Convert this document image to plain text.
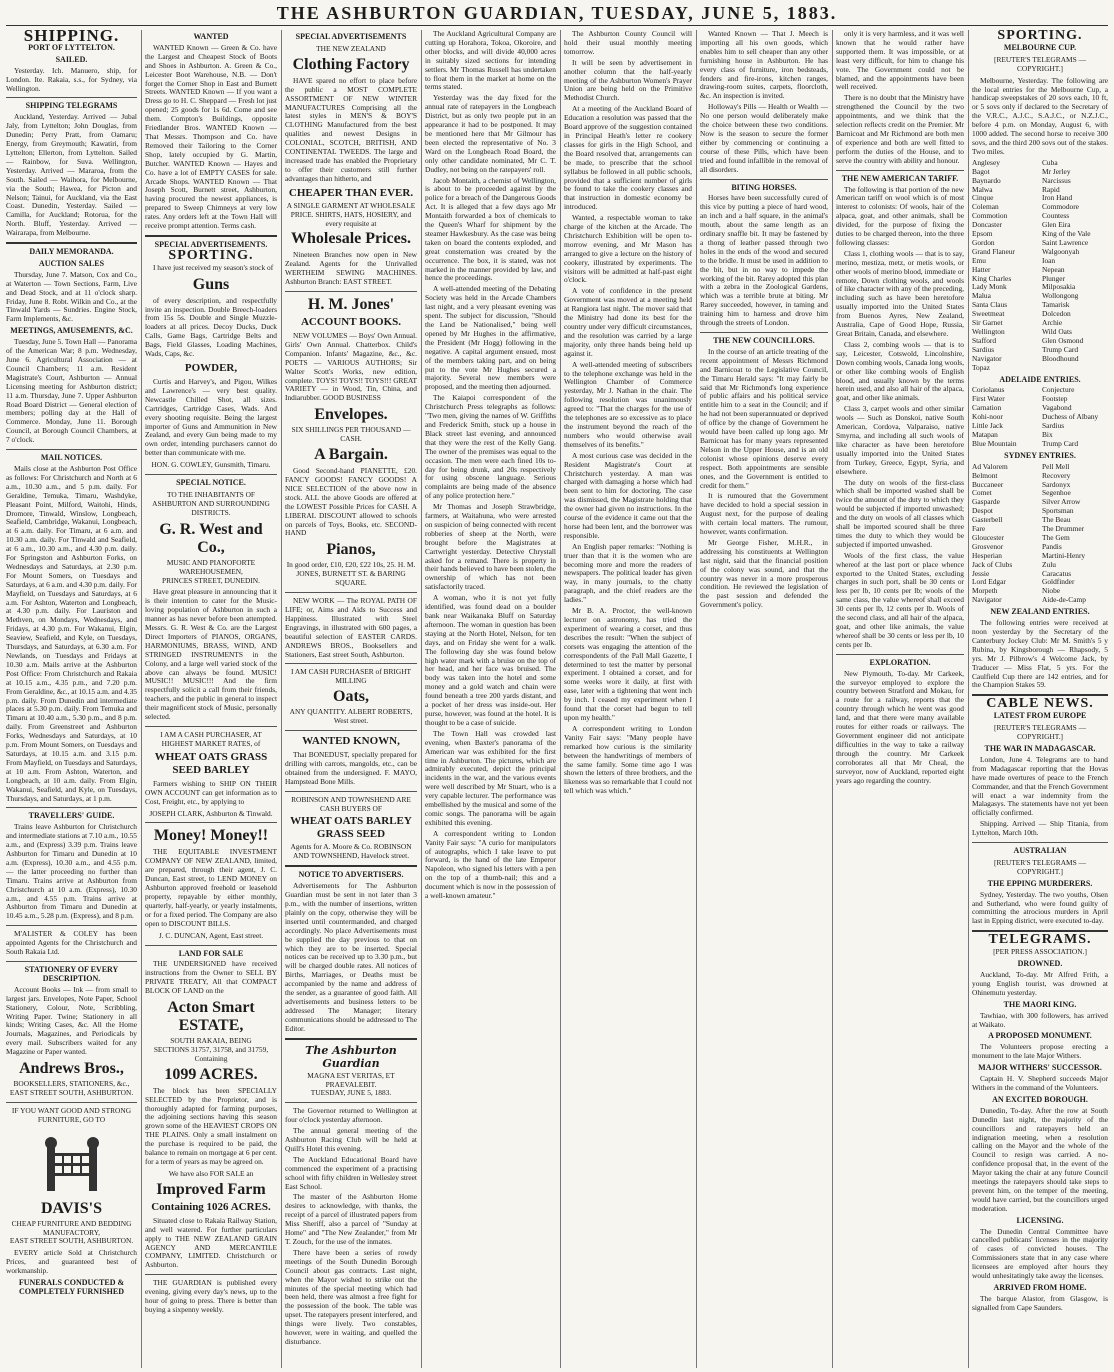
THE ASHBURTON GUARDIAN, TUESDAY, JUNE 5, 1883.
SHIPPING.
PORT OF LYTTELTON.
SAILED.
Yesterday. Ich. Manuero, ship, for London. Ite. Rakaia, s.s., for Sydney, via Wellington.
SHIPPING TELEGRAMS
Auckland, Yesterday. Arrived — Jubal Jaly, from Lyttelton; John Douglas, from Dunedin; Perry Pratt, from Oamaru; Energy, from Greymouth; Kawatiri, from Lyttelton; Ellerton, from Lyttelton. Sailed — Rainbow, for Suva. Wellington, Yesterday. Arrived — Mararoa, from the South. Sailed — Waihora, for Melbourne, via the South; Hawea, for Picton and Nelson; Tainui, for Auckland, via the East Coast. Dunedin, Yesterday. Sailed — Camilla, for Auckland; Rotorua, for the North. Bluff, Yesterday. Arrived — Wairarapa, from Melbourne.
DAILY MEMORANDA.
AUCTION SALES
Thursday, June 7. Matson, Cox and Co., at Waterton — Town Sections, Farm, Live and Dead Stock, and at 11 o'clock sharp. Friday, June 8. Robt. Wilkin and Co., at the Tinwald Yards — Sundries. Engine Stock, Farm Implements, &c.
MEETINGS, AMUSEMENTS, &C.
Tuesday, June 5. Town Hall — Panorama of the American War; 8 p.m. Wednesday, June 6. Agricultural Association — at Council Chambers; 11 a.m. Resident Magistrate's Court, Ashburton — Annual Licensing meeting for Ashburton district; 11 a.m. Thursday, June 7. Upper Ashburton Road Board District — General election of members; polling day at the Hall of Commerce. Monday, June 11. Borough Council, at Borough Council Chambers, at 7 o'clock.
MAIL NOTICES.
Mails close at the Ashburton Post Office as follows: For Christchurch and North at 6 a.m., 10.30 a.m., and 5 p.m. daily. For Geraldine, Temuka, Timaru, Washdyke, Pleasant Point, Milford, Waitohi, Hinds, Dromore, Tinwald, Winslow, Longbeach, Seafield, Cambridge, Wakanui, Longbeach, at 6 a.m. daily. For Timaru, at 6 a.m. and 10.30 a.m. daily. For Tinwald and Seafield, at 6 a.m., 10.30 a.m., and 4.30 p.m. daily. For Springston and Ashburton Forks, on Wednesdays and Saturdays, at 2.30 p.m. For Mount Somers, on Tuesdays and Saturdays, at 6 a.m. and 4.30 p.m. daily. For Mayfield, on Tuesdays and Saturdays, at 6 a.m. For Ashton, Waterton and Longbeach, at 4.30 p.m. daily. For Lauriston and Methven, on Mondays, Wednesdays, and Fridays, at 4.30 p.m. For Wakanui, Elgin, Seaview, Seafield, and Kyle, on Tuesdays, Thursdays, and Saturdays, at 6.30 a.m. For Newlands, on Tuesdays and Fridays at 10.30 a.m. Mails arrive at the Ashburton Post Office: From Christchurch and Rakaia at 10.15 a.m., 4.35 p.m., and 7.20 p.m. From Geraldine, &c., at 10.15 a.m. and 4.35 p.m. daily. From Dunedin and intermediate places at 5.30 p.m. daily. From Temuka and Timaru at 10.40 a.m., 5.30 p.m., and 8 p.m. daily. From Greenstreet and Ashburton Forks, Wednesdays and Saturdays, at 10 p.m. From Mount Somers, on Tuesdays and Saturdays, at 10.15 a.m. and 3.15 p.m. From Mayfield, on Tuesdays and Saturdays, at 10 a.m. From Ashton, Waterton, and Longbeach, at 10 a.m. daily. From Elgin, Wakanui, Seafield, and Kyle, on Tuesdays, Thursdays, and Saturdays, at 1 p.m.
TRAVELLERS' GUIDE.
Trains leave Ashburton for Christchurch and intermediate stations at 7.10 a.m., 10.55 a.m., and (Express) 3.39 p.m. Trains leave Ashburton for Timaru and Dunedin at 10 a.m. (Express), 10.30 a.m., and 4.55 p.m. — the latter proceeding no further than Timaru. Trains arrive at Ashburton from Christchurch at 10 a.m. (Express), 10.30 a.m., and 4.55 p.m. Trains arrive at Ashburton from Timaru and Dunedin at 10.45 a.m., 5.28 p.m. (Express), and 8 p.m.
M'ALISTER & COLEY has been appointed Agents for the Christchurch and South Rakaia Ltd.
STATIONERY OF EVERY DESCRIPTION.
Account Books — Ink — from small to largest jars. Envelopes, Note Paper, School Stationery, Colour, Note, Scribbling, Writing Paper. Twine; Stationery in all kinds; Writing Cases, &c. All the Home Journals, Magazines, and Periodicals by every mail. Subscribers waited for any Magazine or Paper wanted.
Andrews Bros.,
BOOKSELLERS, STATIONERS, &c., EAST STREET SOUTH, ASHBURTON.
IF YOU WANT GOOD AND STRONG FURNITURE, GO TO
DAVIS'S
CHEAP FURNITURE AND BEDDING MANUFACTORY,
EAST STREET SOUTH, ASHBURTON.
EVERY article Sold at Christchurch Prices, and guaranteed best of workmanship.
FUNERALS CONDUCTED & COMPLETELY FURNISHED
WANTED
WANTED Known — Green & Co. have the Largest and Cheapest Stock of Boots and Shoes in Ashburton. A. Green & Co., Leicester Boot Warehouse, N.B. — Don't forget the Corner Shop in East and Burnett Streets. WANTED Known — If you want a Dress go to H. C. Sheppard — Fresh lot just opened; 25 goods for 1s 6d. Come and see them. Compton's Buildings, opposite Friedlander Bros. WANTED Known — That Messrs. Thompson and Co. have Removed their Tailoring to the Corner Shop, lately occupied by G. Martin, Butcher. WANTED Known — Hayes and Co. have a lot of EMPTY CASES for sale. Arcade Shops. WANTED Known — That Joseph Scott, Burnett street, Ashburton, having procured the newest appliances, is prepared to Sweep Chimneys at very low rates. Any orders left at the Town Hall will receive prompt attention. Terms cash.
SPECIAL ADVERTISEMENTS.
SPORTING.
I have just received my season's stock of
Guns
of every description, and respectfully invite an inspection. Double Breech-loaders from 15s 5s. Double and Single Muzzle-loaders at all prices. Decoy Ducks, Duck Calls, Game Bags, Cartridge Belts and Bags, Field Glasses, Loading Machines, Wads, Caps, &c.
POWDER,
Curtis and Harvey's, and Pigou, Wilkes and Lawrence's — very best quality. Newcastle Chilled Shot, all sizes. Cartridges, Cartridge Cases, Wads. And every shooting requisite. Being the largest importer of Guns and Ammunition in New Zealand, and every Gun being made to my own order, intending purchasers cannot do better than communicate with me.
HON. G. COWLEY, Gunsmith, Timaru.
SPECIAL NOTICE.
TO THE INHABITANTS OF ASHBURTON AND SURROUNDING DISTRICTS.
G. R. West and Co.,
MUSIC AND PIANOFORTE WAREHOUSEMEN,
PRINCES STREET, DUNEDIN.
Have great pleasure in announcing that it is their intention to cater for the Music-loving population of Ashburton in such a manner as has never before been attempted. Messrs. G. R. West & Co. are the Largest Direct Importers of PIANOS, ORGANS, HARMONIUMS, BRASS, WIND, AND STRINGED INSTRUMENTS in the Colony, and a large well varied stock of the above can always be found. MUSIC! MUSIC!! MUSIC!!! And the firm respectfully solicit a call from their friends, teachers, and the public in general to inspect their magnificent stock of Music, personally selected.
I AM A CASH PURCHASER, AT HIGHEST MARKET RATES, of
WHEAT OATS GRASS SEED BARLEY
Farmers wishing to SHIP ON THEIR OWN ACCOUNT can get information as to Cost, Freight, etc., by applying to
JOSEPH CLARK, Ashburton & Tinwald.
Money! Money!!
THE EQUITABLE INVESTMENT COMPANY OF NEW ZEALAND, limited, are prepared, through their agent, J. C. Duncan, East street, to LEND MONEY on Ashburton approved freehold or leasehold property, repayable by either monthly, quarterly, half-yearly, or yearly instalments, or for a fixed period. The Company are also open to DISCOUNT BILLS.
J. C. DUNCAN, Agent, East street.
LAND FOR SALE
THE UNDERSIGNED have received instructions from the Owner to SELL BY PRIVATE TREATY, All that COMPACT BLOCK OF LAND on the
Acton Smart ESTATE,
SOUTH RAKAIA, BEING
SECTIONS 31757, 31758, and 31759, Containing
1099 ACRES.
The block has been SPECIALLY SELECTED by the Proprietor, and is thoroughly adapted for farming purposes, the adjoining sections having this season grown some of the HEAVIEST CROPS ON THE PLAINS. Only a small instalment on the purchase is required to be paid, the balance to remain on mortgage at 6 per cent. for a term of years as may be agreed on.
We have also FOR SALE an
Improved Farm
Containing 1026 ACRES.
Situated close to Rakaia Railway Station, and well watered. For further particulars apply to THE NEW ZEALAND GRAIN AGENCY AND MERCANTILE COMPANY, LIMITED. Christchurch or Ashburton.
THE GUARDIAN is published every evening, giving every day's news, up to the hour of going to press. There is better than buying a sixpenny weekly.
SPECIAL ADVERTISEMENTS
THE NEW ZEALAND
Clothing Factory
HAVE spared no effort to place before the public a MOST COMPLETE ASSORTMENT OF NEW WINTER MANUFACTURES Comprising all the latest styles in MEN'S & BOY'S CLOTHING Manufactured from the best qualities and newest Designs in COLONIAL, SCOTCH, BRITISH, AND CONTINENTAL TWEEDS. The large and increased trade has enabled the Proprietary to offer their customers still further advantages than hitherto, and
CHEAPER THAN EVER.
A SINGLE GARMENT AT WHOLESALE PRICE. SHIRTS, HATS, HOSIERY, and every requisite at
Wholesale Prices.
Nineteen Branches now open in New Zealand. Agents for the Unrivalled WERTHEIM SEWING MACHINES. Ashburton Branch: EAST STREET.
H. M. Jones'
ACCOUNT BOOKS.
NEW VOLUMES — Boys' Own Annual. Girls' Own Annual. Chatterbox. Child's Companion. Infants' Magazine, &c., &c. POETS — VARIOUS AUTHORS; Sir Walter Scott's Works, new edition, complete. TOYS! TOYS!! TOYS!!! GREAT VARIETY — in Wood, Tin, China, and Indiarubber. GOOD BUSINESS
Envelopes.
SIX SHILLINGS PER THOUSAND — CASH.
A Bargain.
Good Second-hand PIANETTE, £20. FANCY GOODS! FANCY GOODS! A NICE SELECTION of the above now in stock. ALL the above Goods are offered at the LOWEST Possible Prices for CASH. A LIBERAL DISCOUNT allowed to schools on parcels of Toys, Books, etc. SECOND-HAND
Pianos,
In good order, £10, £20, £22 10s, 25. H. M. JONES, BURNETT ST. & BARING SQUARE.
NEW WORK — The ROYAL PATH OF LIFE; or, Aims and Aids to Success and Happiness. Illustrated with Steel Engravings, in illustrated with 600 pages, a beautiful selection of EASTER CARDS. ANDREWS BROS., Booksellers and Stationers, East street South, Ashburton.
I AM CASH PURCHASER of BRIGHT MILLING
Oats,
ANY QUANTITY. ALBERT ROBERTS, West street.
WANTED KNOWN,
That BONEDUST, specially prepared for drilling with carrots, mangolds, etc., can be obtained from the undersigned. F. MAYO, Hampstead Bone Mills.
ROBINSON AND TOWNSHEND ARE CASH BUYERS OF
WHEAT OATS BARLEY GRASS SEED
Agents for A. Moore & Co. ROBINSON AND TOWNSHEND, Havelock street.
NOTICE TO ADVERTISERS.
Advertisements for The Ashburton Guardian must be sent in not later than 3 p.m., with the number of insertions, written plainly on the copy, otherwise they will be inserted until countermanded, and charged accordingly. No place Advertisements must be supplied the day previous to that on which they are to be inserted. Special notices can be received up to 3.30 p.m., but will be charged double rates. All notices of Births, Marriages, or Deaths must be accompanied by the name and address of the sender, as a guarantee of good faith. All advertisements and business letters to be addressed The Manager; literary communications should be addressed to The Editor.
The Ashburton Guardian
MAGNA EST VERITAS, ET PRAEVALEBIT.
TUESDAY, JUNE 5, 1883.
The Governor returned to Wellington at four o'clock yesterday afternoon.
The annual general meeting of the Ashburton Racing Club will be held at Quill's Hotel this evening.
The Auckland Educational Board have commenced the experiment of a practising school with fifty children in Wellesley street East School.
The master of the Ashburton Home desires to acknowledge, with thanks, the receipt of a parcel of illustrated papers from Miss Sheriff, also a parcel of "Sunday at Home" and "The New Zealander," from Mr T. Zouch, for the use of the inmates.
There have been a series of rowdy meetings of the South Dunedin Borough Council about gas contracts. Last night, when the Mayor wished to strike out the minutes of the special meeting which had been held, there was almost a free fight for the possession of the book. The table was upset. The ratepayers present interfered, and things were lively. Two constables, however, were in waiting, and quelled the disturbance.
The Auckland Agricultural Company are cutting up Horahora, Tokoa, Okoroire, and other blocks, and will divide 40,000 acres in suitably sized sections for intending settlers. Mr Thomas Russell has undertaken to float them in the market at home on the terms stated.
Yesterday was the day fixed for the annual rate of ratepayers in the Longbeach District, but as only two people put in an appearance it had to be postponed. It may be mentioned here that Mr Gilmour has been elected the representative of No. 3 Ward on the Longbeach Road Board, the only other candidate nominated, Mr C. T. Dudley, not being on the ratepayers' roll.
Jacob Montaith, a chemist of Wellington, is about to be proceeded against by the police for a breach of the Dangerous Goods Act. It is alleged that a few days ago Mr Montaith forwarded a box of chemicals to the Queen's Wharf for shipment by the steamer Hawkesbury. As the case was being taken on board the contents exploded, and great consternation was created by the occurrence. The box, it is stated, was not marked in the manner provided by law, and hence the proceedings.
A well-attended meeting of the Debating Society was held in the Arcade Chambers last night, and a very pleasant evening was spent. The subject for discussion, "Should the Land be Nationalised," being well opened by Mr Hughes in the affirmative, the President (Mr Hogg) following in the negative. A capital argument ensued, most of the members taking part, and on being put to the vote Mr Hughes secured a majority. Several new members were proposed, and the meeting then adjourned.
The Kaiapoi correspondent of the Christchurch Press telegraphs as follows: "Two men, giving the names of W. Griffiths and Frederick Smith, stuck up a house in Black street last evening, and announced that they were the rest of the Kelly Gang. The owner of the premises was equal to the occasion. The men were each fined 10s to-day for being drunk, and 20s respectively for using obscene language. Serious complaints are being made of the absence of any police protection here."
Mr Thomas and Joseph Strawbridge, farmers, at Waitahuna, who were arrested on suspicion of being connected with recent robberies of sheep at the North, were brought before the Magistrates at Cartwright yesterday. Detective Chrystall asked for a remand. There is property in their hands believed to have been stolen, the ownership of which has not been satisfactorily traced.
A woman, who it is not yet fully identified, was found dead on a boulder bank near Waikanaka Bluff on Saturday afternoon. The woman in question has been staying at the North Hotel, Nelson, for ten days, and on Friday she went for a walk. The following day she was found below high water mark with a bruise on the top of her head, and her face was bruised. The body was taken into the hotel and some money and a gold watch and chain were found beneath a tree 200 yards distant, and a pocket of her dress was inside-out. Her purse, however, was found at the hotel. It is thought to be a case of suicide.
The Town Hall was crowded last evening, when Baxter's panorama of the American war was exhibited for the first time in Ashburton. The pictures, which are admirably executed, depict the principal incidents in the war, and the various events were well described by Mr Stuart, who is a very capable lecturer. The performance was embellished by the musical and some of the comic songs. The panorama will be again exhibited this evening.
A correspondent writing to London Vanity Fair says: "A curio for manipulators of autographs, which I take leave to put forward, is the hand of the late Emperor Napoleon, who signed his letters with a pen on the top of a thumb-nail; this and a document which is now in the possession of a well-known amateur."
The Ashburton County Council will hold their usual monthly meeting tomorrow.
It will be seen by advertisement in another column that the half-yearly meeting of the Ashburton Women's Prayer Union are being held on the Primitive Methodist Church.
At a meeting of the Auckland Board of Education a resolution was passed that the Board approve of the suggestion contained in Principal Heath's letter re cookery classes for girls in the High School, and the Board resolved that, arrangements can be made, to prescribe that the school syllabus be followed in all public schools, provided that a sufficient number of girls be found to take the cookery classes and that instruction in domestic economy be introduced.
Wanted, a respectable woman to take charge of the kitchen at the Arcade. The Christchurch Exhibition will be open to-morrow evening, and Mr Mason has arranged to give a lecture on the history of cookery, illustrated by experiments. The visitors will be admitted at half-past eight o'clock.
A vote of confidence in the present Government was moved at a meeting held at Rangiora last night. The mover said that the Ministry had done its best for the country under very difficult circumstances, and the resolution was carried by a large majority, only three hands being held up against it.
A well-attended meeting of subscribers to the telephone exchange was held in the Wellington Chamber of Commerce yesterday, Mr J. Nathan in the chair. The following resolution was unanimously agreed to: "That the charges for the use of the telephones are so excessive as to place the instrument beyond the reach of the numbers who would otherwise avail themselves of its benefits."
A most curious case was decided in the Resident Magistrate's Court at Christchurch yesterday. A man was charged with damaging a horse which had been sent to him for doctoring. The case was dismissed, the Magistrate holding that the owner had given no instructions. In the course of the evidence it came out that the horse had been lent, and the borrower was responsible.
An English paper remarks: "Nothing is truer than that it is the women who are becoming more and more the readers of newspapers. The political leader has given way, in many journals, to the chatty paragraph, and the chief readers are the ladies."
Mr B. A. Proctor, the well-known lecturer on astronomy, has tried the experiment of wearing a corset, and thus describes the result: "When the subject of corsets was engaging the attention of the correspondents of the Pall Mall Gazette, I determined to test the matter by personal experiment. I obtained a corset, and for some weeks wore it daily, at first with ease, later with a tightening that went inch by inch. I ceased my experiment when I found that the corset had begun to tell upon my health."
A correspondent writing to London Vanity Fair says: "Many people have remarked how curious is the similarity between the handwritings of members of the same family. Some time ago I was shown the letters of three brothers, and the likeness was so remarkable that I could not tell which was which."
Wanted Known — That J. Meech is importing all his own goods, which enables him to sell cheaper than any other furnishing house in Ashburton. He has every class of furniture, iron bedsteads, fenders and fire-irons, kitchen ranges, drawing-room suites, carpets, floorcloth, &c. An inspection is invited.
Holloway's Pills — Health or Wealth — No one person would deliberately make the choice between these two conditions. Now is the season to secure the former either by commencing or continuing a course of these Pills, which have been tried and found infallible in the removal of all disorders.
BITING HORSES.
Horses have been successfully cured of this vice by putting a piece of hard wood, an inch and a half square, in the animal's mouth, about the same length as an ordinary snaffle bit. It may be fastened by a thong of leather passed through two holes in the ends of the wood and secured to the bridle. It must be used in addition to the bit, but in no way to impede the working of the bit. Rarey adopted this plan with a zebra in the Zoological Gardens, which was a terrible brute at biting. Mr Rarey succeeded, however, in taming and training him to harness and drove him through the streets of London.
THE NEW COUNCILLORS.
In the course of an article treating of the recent appointment of Messrs Richmond and Barnicoat to the Legislative Council, the Timaru Herald says: "It may fairly be said that Mr Richmond's long experience of public affairs and his political service entitle him to a seat in the Council; and if he had not been superannuated or deprived of office by the change of Government he would have been called up long ago. Mr Barnicoat has for many years represented Nelson in the Upper House, and is an old colonist whose opinions deserve every respect. Both appointments are sensible ones, and the Government is entitled to credit for them."
It is rumoured that the Government have decided to hold a special session in August next, for the purpose of dealing with certain local matters. The rumour, however, wants confirmation.
Mr George Fisher, M.H.R., in addressing his constituents at Wellington last night, said that the financial position of the colony was sound, and that the country was never in a more prosperous condition. He reviewed the legislation of the past session and defended the Government's policy.
only it is very harmless, and it was well known that he would rather have supported them. It was impossible, or at least very difficult, for him to change his vote. The Government could not be blamed, and the appointments have been well received.
There is no doubt that the Ministry have strengthened the Council by the two appointments, and we think that the selection reflects credit on the Premier. Mr Barnicoat and Mr Richmond are both men of experience and both are well fitted to perform the duties of the House, and to serve the country with ability and honour.
THE NEW AMERICAN TARIFF.
The following is that portion of the new American tariff on wool which is of most interest to colonists: Of wools, hair of the alpaca, goat, and other animals, shall be divided, for the purpose of fixing the duties to be charged thereon, into the three following classes:
Class 1, clothing wools — that is to say, merino, mestiza, metz, or metis wools, or other wools of merino blood, immediate or remote, Down clothing wools, and wools of like character with any of the preceding, including such as have been heretofore usually imported into the United States from Buenos Ayres, New Zealand, Australia, Cape of Good Hope, Russia, Great Britain, Canada, and elsewhere.
Class 2, combing wools — that is to say, Leicester, Cotswold, Lincolnshire, Down combing wools, Canada long wools, or other like combing wools of English blood, and usually known by the terms herein used, and also all hair of the alpaca, goat, and other like animals.
Class 3, carpet wools and other similar wools — Such as Donskoi, native South American, Cordova, Valparaiso, native Smyrna, and including all such wools of like character as have been heretofore usually imported into the United States from Turkey, Greece, Egypt, Syria, and elsewhere.
The duty on wools of the first-class which shall be imported washed shall be twice the amount of the duty to which they would be subjected if imported unwashed; and the duty on wools of all classes which shall be imported scoured shall be three times the duty to which they would be subjected if imported unwashed.
Wools of the first class, the value whereof at the last port or place whence exported to the United States, excluding charges in such port, shall be 30 cents or less per lb, 10 cents per lb; wools of the same class, the value whereof shall exceed 30 cents per lb, 12 cents per lb. Wools of the second class, and all hair of the alpaca, goat, and other like animals, the value whereof shall be 30 cents or less per lb, 10 cents per lb.
EXPLORATION.
New Plymouth, To-day. Mr Carkeek, the surveyor employed to explore the country between Stratford and Mokau, for a route for a railway, reports that the country through which he went was good land, and that there were many available routes for either roads or railways. The Government engineer did not anticipate difficulties in the way to take a railway through the country. Mr Carkeek corroborates all that Mr Cheal, the surveyor, now of Auckland, reported eight years ago regarding the country.
SPORTING.
MELBOURNE CUP.
[REUTER'S TELEGRAMS — COPYRIGHT.]
Melbourne, Yesterday. The following are the local entries for the Melbourne Cup, a handicap sweepstakes of 20 sovs each, 10 ft, or 5 sovs only if declared to the Secretary of the V.R.C., A.J.C., S.A.J.C., or N.Z.J.C., before 4 p.m. on Monday, August 6, with 1000 added. The second horse to receive 300 sovs, and the third 200 sovs out of the stakes. Two miles.
Anglesey
Bagot
Baynardo
Malwa
Cinque
Coleman
Commotion
Doncaster
Epsom
Gordon
Grand Flaneur
Emu
Hatter
King Charles
Lady Monk
Malua
Santa Claus
Sweetmeat
Sir Garnet
Wellington
Stafford
Sardius
Navigator
Topaz
Cuba
Mr Jerley
Narcissus
Rapid
Iron Hand
Commodore
Countess
Glen Eira
King of the Vale
Saint Lawrence
Walgoonyah
Ioan
Nepean
Plunger
Milposakia
Wollongong
Tamarisk
Dolcedon
Archie
Wild Oats
Glen Osmond
Trump Card
Bloodhound
ADELAIDE ENTRIES.
Coriolanus
First Water
Carnation
Kohi-noor
Little Jack
Matapan
Blue Mountain
Conjecture
Footstep
Vagabond
Duchess of Albany
Sardius
Bix
Trump Card
SYDNEY ENTRIES.
Ad Valorem
Belmont
Buccaneer
Comet
Gasparde
Despot
Gasterbell
Fare
Gloucester
Grosvenor
Hesperian
Jack of Clubs
Jessie
Lord Edgar
Morpeth
Navigator
Pell Mell
Recovery
Sardonyx
Segenhoe
Silver Arrow
Sportsman
The Beau
The Drummer
The Gem
Pandis
Martini-Henry
Zulu
Caracatus
Goldfinder
Niobe
Aide-de-Camp
NEW ZEALAND ENTRIES.
The following entries were received at noon yesterday by the Secretary of the Canterbury Jockey Club: Mr M. Smith's 5 y Rubina, by Kingsborough — Rhapsody, 5 yrs. Mr J. Pilbrow's 4 Welcome Jack, by Traducer — Miss Flat, 5 yrs. For the Caulfield Cup there are 142 entries, and for the Champion Stakes 59.
CABLE NEWS.
LATEST FROM EUROPE
[REUTER'S TELEGRAMS — COPYRIGHT.]
THE WAR IN MADAGASCAR.
London, June 4. Telegrams are to hand from Madagascar reporting that the Hovas have made overtures of peace to the French Commander, and that the French Government will enact a war indemnity from the Malagasys. The statements have not yet been officially confirmed.
Shipping. Arrived — Ship Titania, from Lyttelton, March 10th.
AUSTRALIAN
[REUTER'S TELEGRAMS — COPYRIGHT.]
THE EPPING MURDERERS.
Sydney, Yesterday. The two youths, Olsen and Sutherland, who were found guilty of committing the atrocious murders in April last in Epping district, were executed to-day.
TELEGRAMS.
[PER PRESS ASSOCIATION.]
DROWNED.
Auckland, To-day. Mr Alfred Frith, a young English tourist, was drowned at Ohinemutu yesterday.
THE MAORI KING.
Tawhiao, with 300 followers, has arrived at Waikato.
A PROPOSED MONUMENT.
The Volunteers propose erecting a monument to the late Major Withers.
MAJOR WITHERS' SUCCESSOR.
Captain H. V. Shepherd succeeds Major Withers in the command of the Volunteers.
AN EXCITED BOROUGH.
Dunedin, To-day. After the row at South Dunedin last night, the majority of the councillors and ratepayers held an indignation meeting, when a resolution calling on the Mayor and the whole of the Council to resign was carried. A no-confidence proposal that, in the event of the Mayor taking the chair at any future Council meetings the ratepayers should take steps to prevent him, on the temper of the meeting, would have carried, but the councillors urged moderation.
LICENSING.
The Dunedin Central Committee have cancelled publicans' licenses in the majority of cases of convicted houses. The Commissioners state that in any case where licensees are employed after hours they would unhesitatingly take away the licenses.
ARRIVED FROM HOME.
The barque Alastor, from Glasgow, is signalled from Cape Saunders.
